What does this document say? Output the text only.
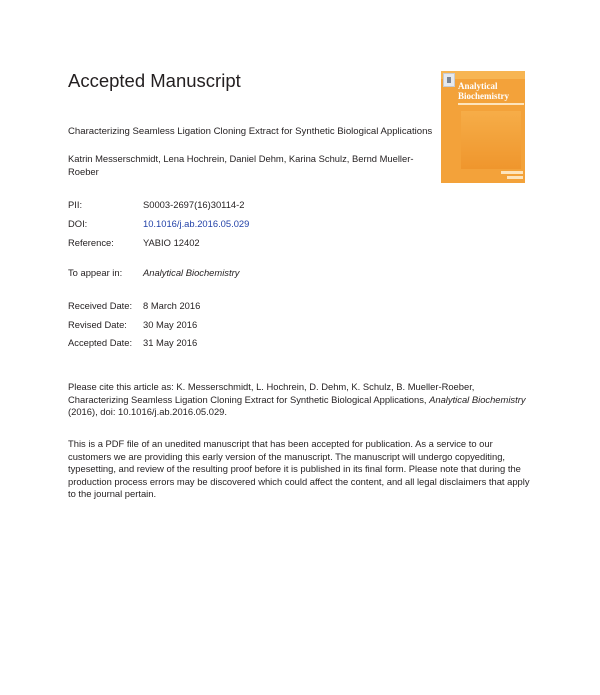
Accepted Manuscript	Analytical Biochemistry
Characterizing Seamless Ligation Cloning Extract for Synthetic Biological Applications
Katrin Messerschmidt, Lena Hochrein, Daniel Dehm, Karina Schulz, Bernd Mueller-Roeber
PII:	S0003-2697(16)30114-2
DOI:	10.1016/j.ab.2016.05.029
Reference:	YABIO 12402
To appear in: Analytical Biochemistry
Received Date: 8 March 2016
Revised Date: 30 May 2016
Accepted Date: 31 May 2016
Please cite this article as: K. Messerschmidt, L. Hochrein, D. Dehm, K. Schulz, B. Mueller-Roeber, Characterizing Seamless Ligation Cloning Extract for Synthetic Biological Applications, Analytical Biochemistry (2016), doi: 10.1016/j.ab.2016.05.029.
This is a PDF file of an unedited manuscript that has been accepted for publication. As a service to our customers we are providing this early version of the manuscript. The manuscript will undergo copyediting, typesetting, and review of the resulting proof before it is published in its final form. Please note that during the production process errors may be discovered which could affect the content, and all legal disclaimers that apply to the journal pertain.
